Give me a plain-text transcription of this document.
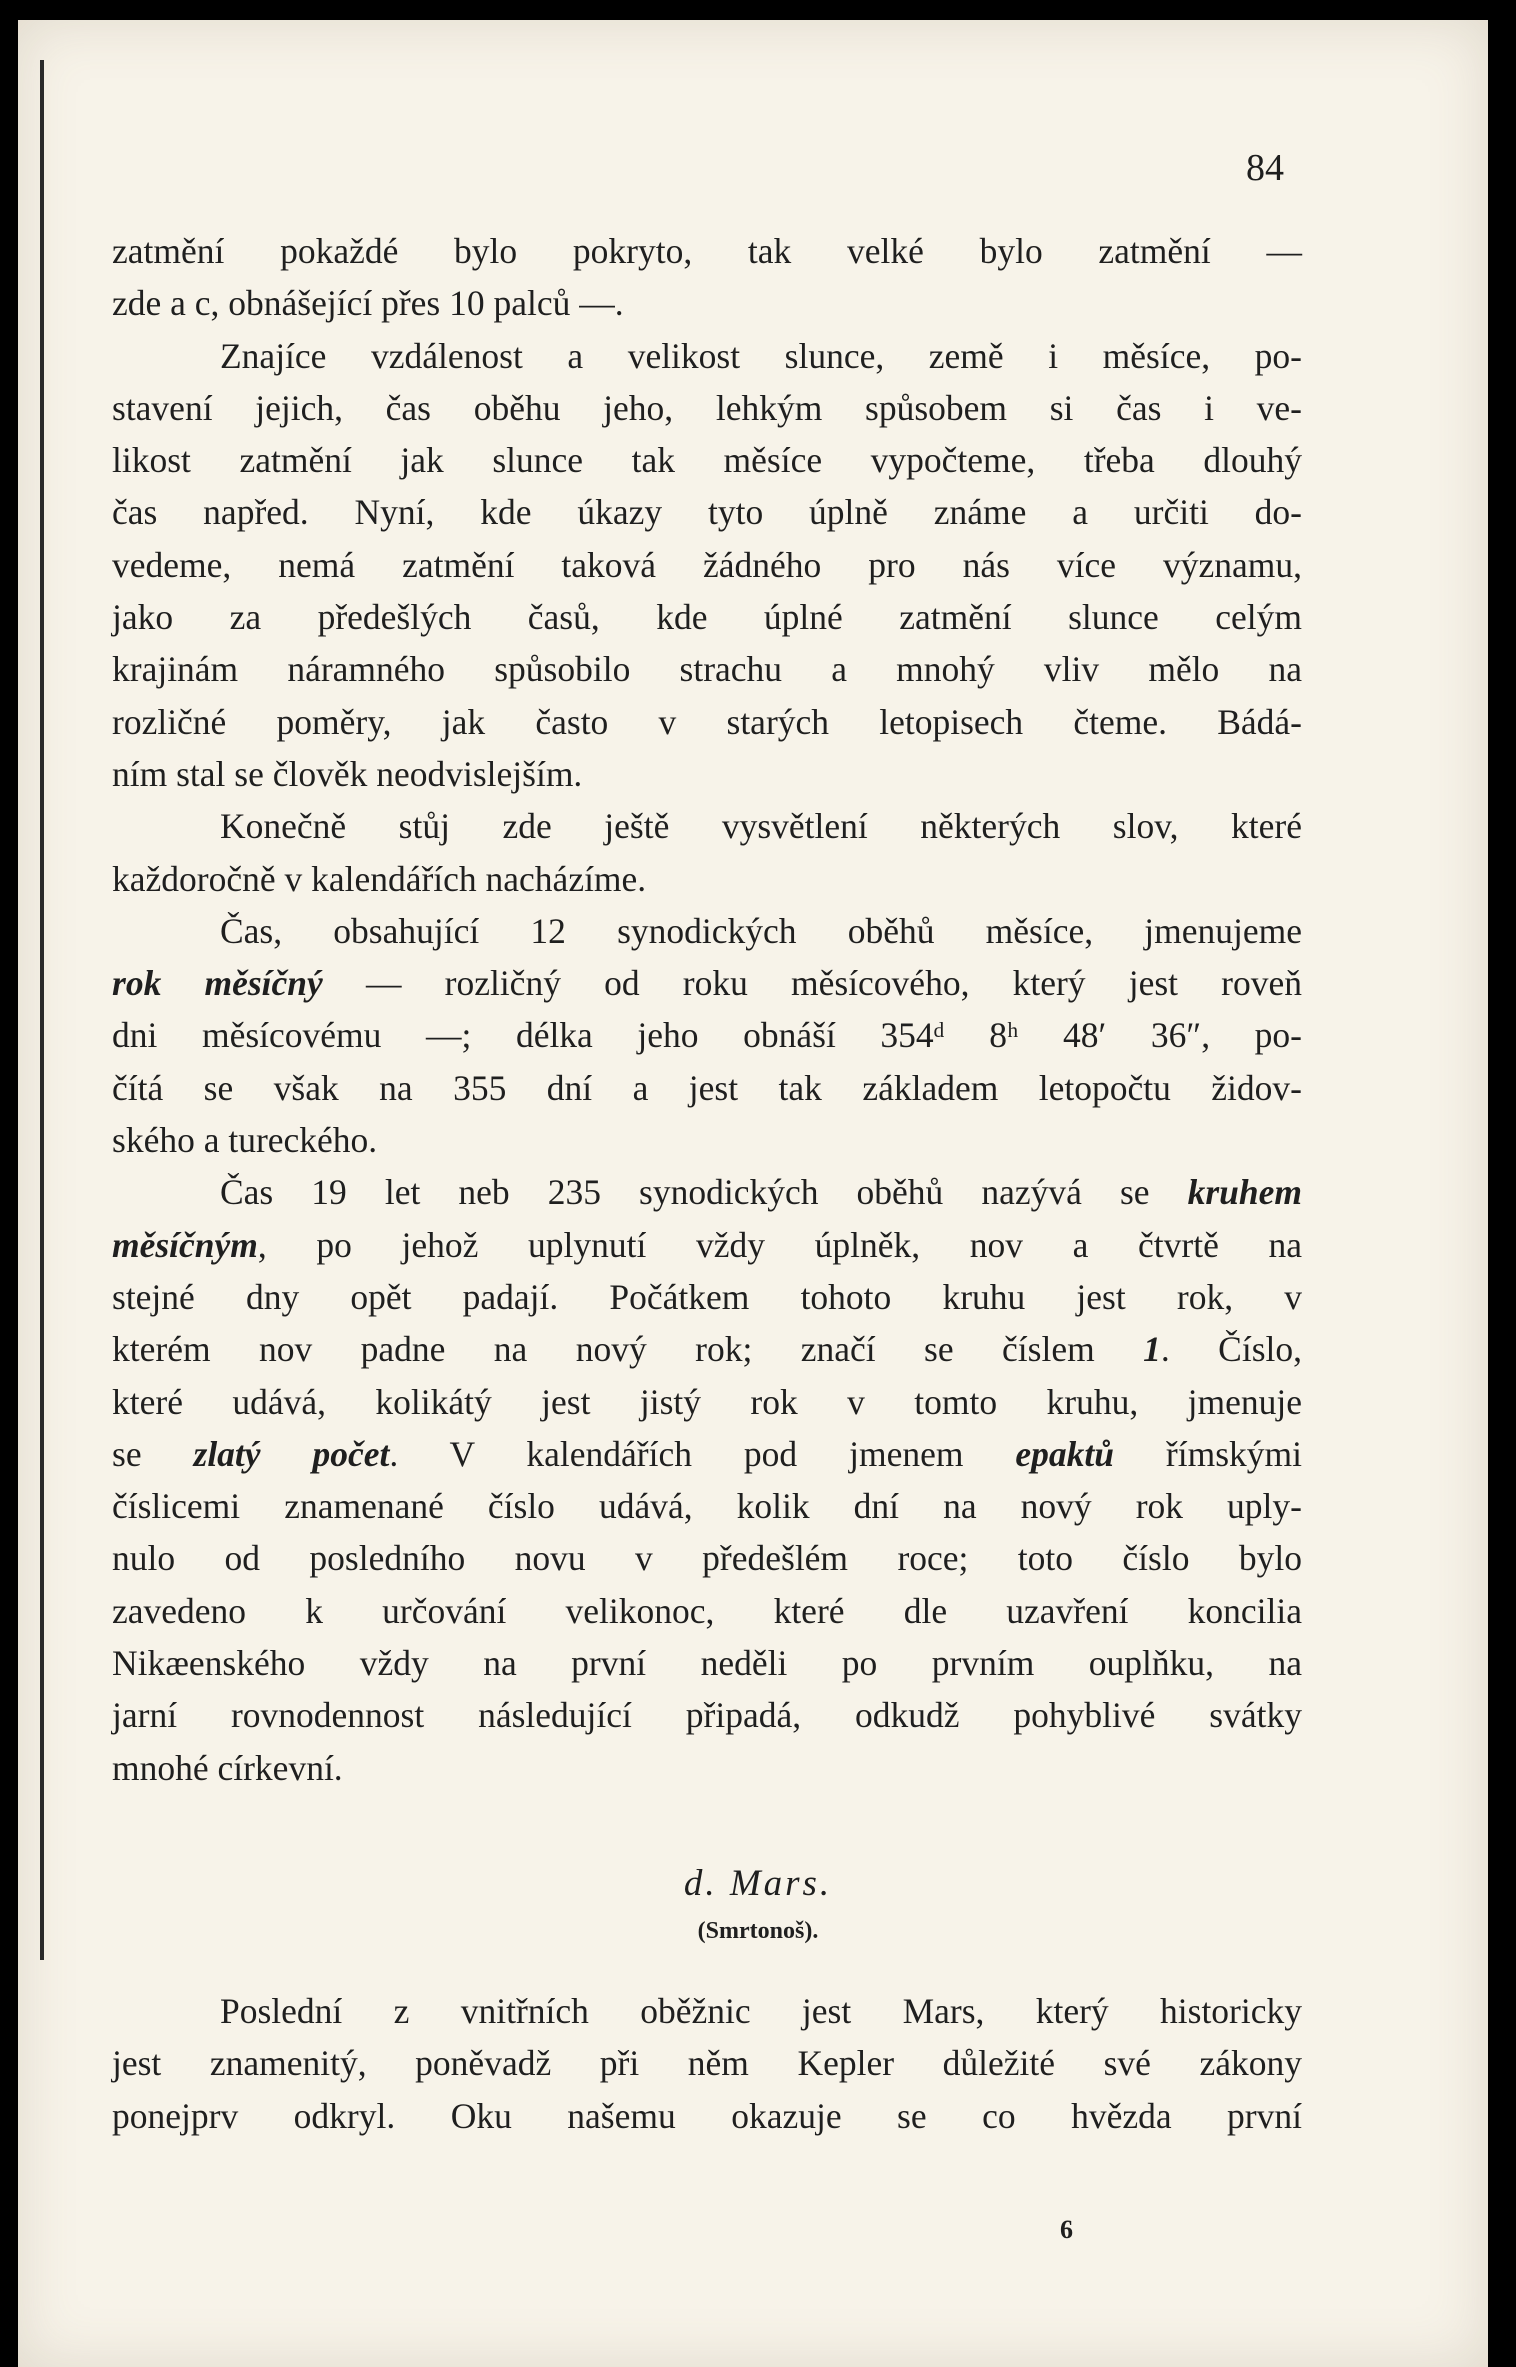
84
zatmění pokaždé bylo pokryto, tak velké bylo zatmění —
zde a c, obnášející přes 10 palců —.
Znajíce vzdálenost a velikost slunce, země i měsíce, po-
stavení jejich, čas oběhu jeho, lehkým spůsobem si čas i ve-
likost zatmění jak slunce tak měsíce vypočteme, třeba dlouhý
čas napřed. Nyní, kde úkazy tyto úplně známe a určiti do-
vedeme, nemá zatmění taková žádného pro nás více významu,
jako za předešlých časů, kde úplné zatmění slunce celým
krajinám náramného spůsobilo strachu a mnohý vliv mělo na
rozličné poměry, jak často v starých letopisech čteme. Bádá-
ním stal se člověk neodvislejším.
Konečně stůj zde ještě vysvětlení některých slov, které
každoročně v kalendářích nacházíme.
Čas, obsahující 12 synodických oběhů měsíce, jmenujeme
rok měsíčný — rozličný od roku měsícového, který jest roveň
dni měsícovému —; délka jeho obnáší 354ᵈ 8ʰ 48′ 36″, po-
čítá se však na 355 dní a jest tak základem letopočtu židov-
ského a tureckého.
Čas 19 let neb 235 synodických oběhů nazývá se kruhem
měsíčným, po jehož uplynutí vždy úplněk, nov a čtvrtě na
stejné dny opět padají. Počátkem tohoto kruhu jest rok, v
kterém nov padne na nový rok; značí se číslem 1. Číslo,
které udává, kolikátý jest jistý rok v tomto kruhu, jmenuje
se zlatý počet. V kalendářích pod jmenem epaktů římskými
číslicemi znamenané číslo udává, kolik dní na nový rok uply-
nulo od posledního novu v předešlém roce; toto číslo bylo
zavedeno k určování velikonoc, které dle uzavření koncilia
Nikæenského vždy na první neděli po prvním ouplňku, na
jarní rovnodennost následující připadá, odkudž pohyblivé svátky
mnohé církevní.
d. Mars.
(Smrtonoš).
Poslední z vnitřních oběžnic jest Mars, který historicky
jest znamenitý, poněvadž při něm Kepler důležité své zákony
ponejprv odkryl. Oku našemu okazuje se co hvězda první
6
